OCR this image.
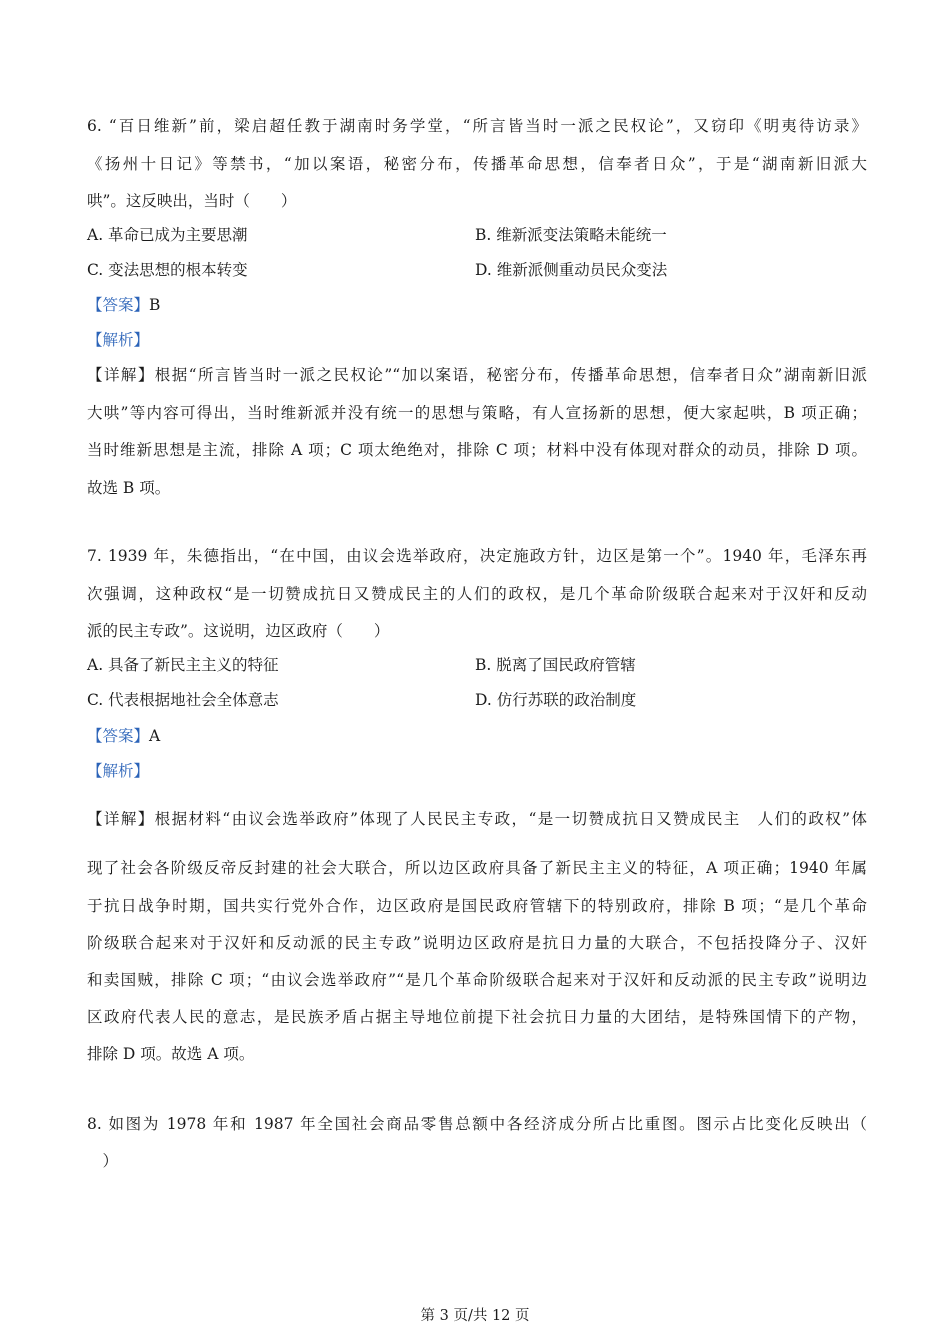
6. “百日维新”前，梁启超任教于湖南时务学堂，“所言皆当时一派之民权论”，又窃印《明夷待访录》
《扬州十日记》等禁书，“加以案语，秘密分布，传播革命思想，信奉者日众”，于是“湖南新旧派大
哄”。这反映出，当时（　　）
A. 革命已成为主要思潮	B. 维新派变法策略未能统一
C. 变法思想的根本转变	D. 维新派侧重动员民众变法
【答案】B
【解析】
【详解】根据“所言皆当时一派之民权论”“加以案语，秘密分布，传播革命思想，信奉者日众”湖南新旧派
大哄”等内容可得出，当时维新派并没有统一的思想与策略，有人宣扬新的思想，便大家起哄，B 项正确；
当时维新思想是主流，排除 A 项；C 项太绝绝对，排除 C 项；材料中没有体现对群众的动员，排除 D 项。
故选 B 项。
7. 1939 年，朱德指出，“在中国，由议会选举政府，决定施政方针，边区是第一个”。1940 年，毛泽东再
次强调，这种政权“是一切赞成抗日又赞成民主的人们的政权，是几个革命阶级联合起来对于汉奸和反动
派的民主专政”。这说明，边区政府（　　）
A. 具备了新民主主义的特征	B. 脱离了国民政府管辖
C. 代表根据地社会全体意志	D. 仿行苏联的政治制度
【答案】A
【解析】
【详解】根据材料“由议会选举政府”体现了人民民主专政，“是一切赞成抗日又赞成民主　人们的政权”体
现了社会各阶级反帝反封建的社会大联合，所以边区政府具备了新民主主义的特征，A 项正确；1940 年属
于抗日战争时期，国共实行党外合作，边区政府是国民政府管辖下的特别政府，排除 B 项；“是几个革命
阶级联合起来对于汉奸和反动派的民主专政”说明边区政府是抗日力量的大联合，不包括投降分子、汉奸
和卖国贼，排除 C 项；“由议会选举政府”“是几个革命阶级联合起来对于汉奸和反动派的民主专政”说明边
区政府代表人民的意志，是民族矛盾占据主导地位前提下社会抗日力量的大团结，是特殊国情下的产物，
排除 D 项。故选 A 项。
8. 如图为 1978 年和 1987 年全国社会商品零售总额中各经济成分所占比重图。图示占比变化反映出（
　）
第 3 页/共 12 页
